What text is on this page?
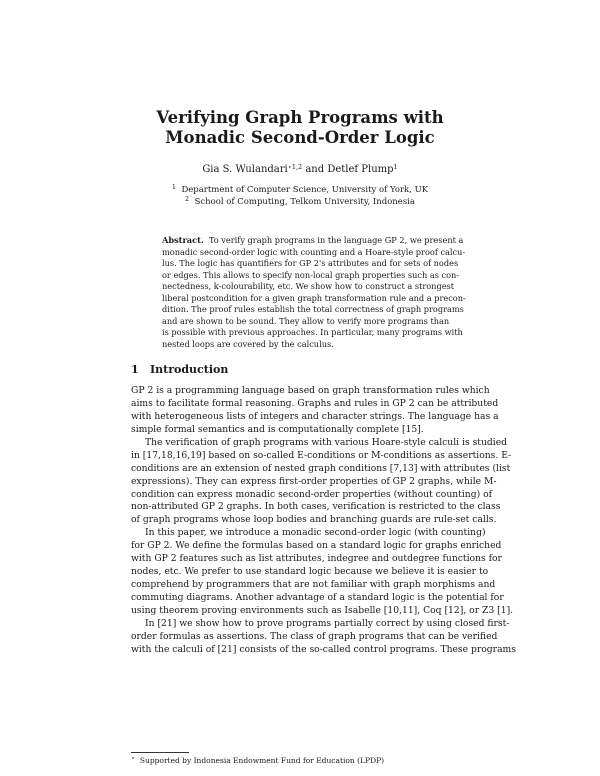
Verifying Graph Programs with
Monadic Second-Order Logic
Gia S. Wulandari$^{⋆1,2}$ and Detlef Plump$^1$
$^1$ Department of Computer Science, University of York, UK
$^2$ School of Computing, Telkom University, Indonesia
Abstract. To verify graph programs in the language GP 2, we present a
monadic second-order logic with counting and a Hoare-style proof calcu-
lus. The logic has quantifiers for GP 2's attributes and for sets of nodes
or edges. This allows to specify non-local graph properties such as con-
nectedness, k-colourability, etc. We show how to construct a strongest
liberal postcondition for a given graph transformation rule and a precon-
dition. The proof rules establish the total correctness of graph programs
and are shown to be sound. They allow to verify more programs than
is possible with previous approaches. In particular, many programs with
nested loops are covered by the calculus.
1 Introduction
GP 2 is a programming language based on graph transformation rules which
aims to facilitate formal reasoning. Graphs and rules in GP 2 can be attributed
with heterogeneous lists of integers and character strings. The language has a
simple formal semantics and is computationally complete [15].
The verification of graph programs with various Hoare-style calculi is studied
in [17,18,16,19] based on so-called E-conditions or M-conditions as assertions. E-
conditions are an extension of nested graph conditions [7,13] with attributes (list
expressions). They can express first-order properties of GP 2 graphs, while M-
condition can express monadic second-order properties (without counting) of
non-attributed GP 2 graphs. In both cases, verification is restricted to the class
of graph programs whose loop bodies and branching guards are rule-set calls.
In this paper, we introduce a monadic second-order logic (with counting)
for GP 2. We define the formulas based on a standard logic for graphs enriched
with GP 2 features such as list attributes, indegree and outdegree functions for
nodes, etc. We prefer to use standard logic because we believe it is easier to
comprehend by programmers that are not familiar with graph morphisms and
commuting diagrams. Another advantage of a standard logic is the potential for
using theorem proving environments such as Isabelle [10,11], Coq [12], or Z3 [1].
In [21] we show how to prove programs partially correct by using closed first-
order formulas as assertions. The class of graph programs that can be verified
with the calculi of [21] consists of the so-called control programs. These programs
⋆ Supported by Indonesia Endowment Fund for Education (LPDP)
